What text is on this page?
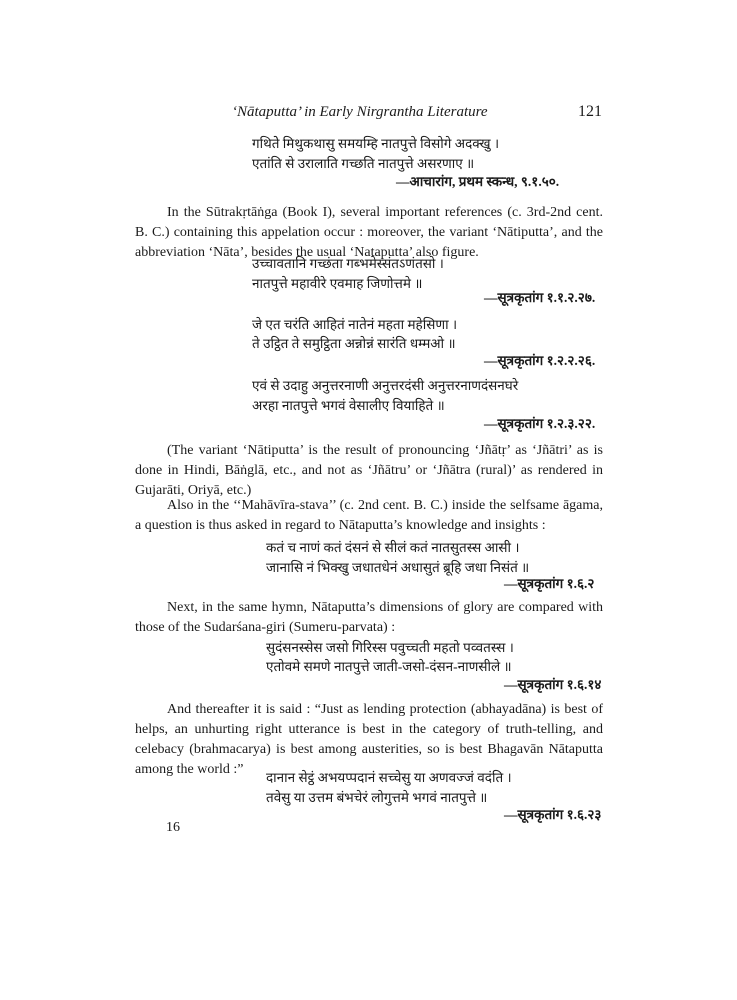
‘Nātaputta’ in Early Nirgrantha Literature	121
गथितेे मिथुकथासु समयम्हि नातपुत्ते विसोगे अदक्खु ।
एतांति से उरालाति गच्छति नातपुत्ते असरणाए ॥
—आचारांग, प्रथम स्कन्ध, ९.१.५०.
In the Sūtrakṛtāṅga (Book I), several important references (c. 3rd-2nd cent. B. C.) containing this appelation occur : moreover, the variant ‘Nātiputta’, and the abbreviation ‘Nāta’, besides the usual ‘Nataputta’ also figure.
उच्चावतानि गच्छंता गब्भमेस्संतऽणंतसो ।
नातपुत्ते महावीरे एवमाह जिणोत्तमे ॥
—सूत्रकृतांग १.१.२.२७.
जे एत चरंति आहितं नातेनं महता महेसिणा ।
ते उट्ठित ते समुट्ठिता अन्नोन्नं सारंति धम्मओ ॥
—सूत्रकृतांग १.२.२.२६.
एवं से उदाहु अनुत्तरनाणी अनुत्तरदंसी अनुत्तरनाणदंसनघरे
अरहा नातपुत्ते भगवं वेसालीए वियाहिते ॥
—सूत्रकृतांग १.२.३.२२.
(The variant ‘Nātiputta’ is the result of pronouncing ‘Jñātṛ’ as ‘Jñātri’ as is done in Hindi, Bāṅglā, etc., and not as ‘Jñātru’ or ‘Jñātra (rural)’ as rendered in Gujarāti, Oriyā, etc.)
Also in the ‘‘Mahāvīra-stava’’ (c. 2nd cent. B. C.) inside the selfsame āgama, a question is thus asked in regard to Nātaputta’s knowledge and insights :
कतं च नाणं कतं दंसनं से सीलं कतं नातसुतस्स आसी ।
जानासि नं भिक्खु जधातधेनं अधासुतं ब्रूहि जधा निसंतं ॥
—सूत्रकृतांग १.६.२
Next, in the same hymn, Nātaputta’s dimensions of glory are compared with those of the Sudarśana-giri (Sumeru-parvata) :
सुदंसनस्सेस जसो गिरिस्स पवुच्चती महतो पव्वतस्स ।
एतोवमे समणे नातपुत्ते जाती-जसो-दंसन-नाणसीले ॥
—सूत्रकृतांग १.६.१४
And thereafter it is said : “Just as lending protection (abhayadāna) is best of helps, an unhurting right utterance is best in the category of truth-telling, and celebacy (brahmacarya) is best among austerities, so is best Bhagavān Nātaputta among the world :”
दानान सेट्ठं अभयप्पदानं सच्चेसु या अणवज्जं वदंति ।
तवेसु या उत्तम बंभचेरं लोगुत्तमे भगवं नातपुत्ते ॥
—सूत्रकृतांग १.६.२३
16
